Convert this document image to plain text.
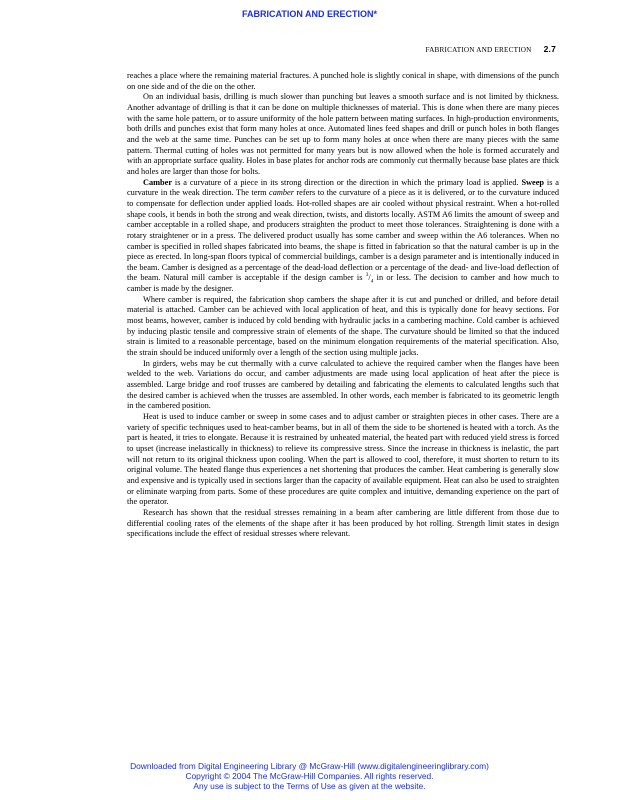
FABRICATION AND ERECTION*
FABRICATION AND ERECTION 2.7

reaches a place where the remaining material fractures. A punched hole is slightly conical in shape, with dimensions of the punch on one side and of the die on the other.

On an individual basis, drilling is much slower than punching but leaves a smooth surface and is not limited by thickness. Another advantage of drilling is that it can be done on multiple thicknesses of material. This is done when there are many pieces with the same hole pattern, or to assure uniformity of the hole pattern between mating surfaces. In high-production environments, both drills and punches exist that form many holes at once. Automated lines feed shapes and drill or punch holes in both flanges and the web at the same time. Punches can be set up to form many holes at once when there are many pieces with the same pattern. Thermal cutting of holes was not permitted for many years but is now allowed when the hole is formed accurately and with an appropriate surface quality. Holes in base plates for anchor rods are commonly cut thermally because base plates are thick and holes are larger than those for bolts.

Camber is a curvature of a piece in its strong direction or the direction in which the primary load is applied. Sweep is a curvature in the weak direction. The term camber refers to the curvature of a piece as it is delivered, or to the curvature induced to compensate for deflection under applied loads. Hot-rolled shapes are air cooled without physical restraint. When a hot-rolled shape cools, it bends in both the strong and weak direction, twists, and distorts locally. ASTM A6 limits the amount of sweep and camber acceptable in a rolled shape, and producers straighten the product to meet those tolerances. Straightening is done with a rotary straightener or in a press. The delivered product usually has some camber and sweep within the A6 tolerances. When no camber is specified in rolled shapes fabricated into beams, the shape is fitted in fabrication so that the natural camber is up in the piece as erected. In long-span floors typical of commercial buildings, camber is a design parameter and is intentionally induced in the beam. Camber is designed as a percentage of the dead-load deflection or a percentage of the dead- and live-load deflection of the beam. Natural mill camber is acceptable if the design camber is $^3/_4$ in or less. The decision to camber and how much to camber is made by the designer.

Where camber is required, the fabrication shop cambers the shape after it is cut and punched or drilled, and before detail material is attached. Camber can be achieved with local application of heat, and this is typically done for heavy sections. For most beams, however, camber is induced by cold bending with hydraulic jacks in a cambering machine. Cold camber is achieved by inducing plastic tensile and compressive strain of elements of the shape. The curvature should be limited so that the induced strain is limited to a reasonable percentage, based on the minimum elongation requirements of the material specification. Also, the strain should be induced uniformly over a length of the section using multiple jacks.

In girders, webs may be cut thermally with a curve calculated to achieve the required camber when the flanges have been welded to the web. Variations do occur, and camber adjustments are made using local application of heat after the piece is assembled. Large bridge and roof trusses are cambered by detailing and fabricating the elements to calculated lengths such that the desired camber is achieved when the trusses are assembled. In other words, each member is fabricated to its geometric length in the cambered position.

Heat is used to induce camber or sweep in some cases and to adjust camber or straighten pieces in other cases. There are a variety of specific techniques used to heat-camber beams, but in all of them the side to be shortened is heated with a torch. As the part is heated, it tries to elongate. Because it is restrained by unheated material, the heated part with reduced yield stress is forced to upset (increase inelastically in thickness) to relieve its compressive stress. Since the increase in thickness is inelastic, the part will not return to its original thickness upon cooling. When the part is allowed to cool, therefore, it must shorten to return to its original volume. The heated flange thus experiences a net shortening that produces the camber. Heat cambering is generally slow and expensive and is typically used in sections larger than the capacity of available equipment. Heat can also be used to straighten or eliminate warping from parts. Some of these procedures are quite complex and intuitive, demanding experience on the part of the operator.

Research has shown that the residual stresses remaining in a beam after cambering are little different from those due to differential cooling rates of the elements of the shape after it has been produced by hot rolling. Strength limit states in design specifications include the effect of residual stresses where relevant.

Downloaded from Digital Engineering Library @ McGraw-Hill (www.digitalengineeringlibrary.com)
Copyright © 2004 The McGraw-Hill Companies. All rights reserved.
Any use is subject to the Terms of Use as given at the website.
